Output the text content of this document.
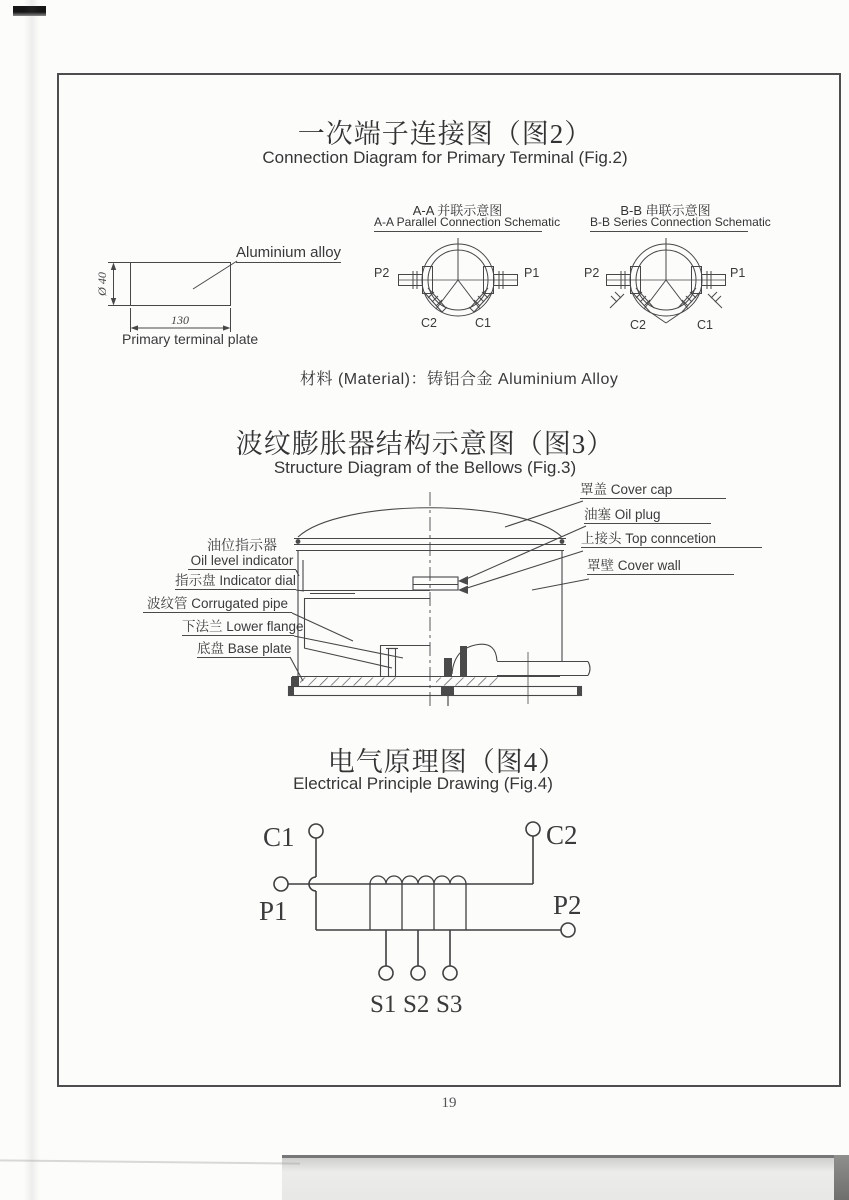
一次端子连接图（图2）
Connection Diagram for Primary Terminal (Fig.2)
Ø 40
130
Aluminium alloy
Primary terminal plate
A-A 并联示意图
A-A Parallel Connection Schematic
P2	P1
C2	C1
B-B 串联示意图
B-B Series Connection Schematic
P2	P1
C2	C1
材料 (Material)：铸铝合金 Aluminium Alloy
波纹膨胀器结构示意图（图3）
Structure Diagram of the Bellows (Fig.3)
油位指示器
Oil level indicator
指示盘 Indicator dial
波纹管 Corrugated pipe
下法兰 Lower flange
底盘 Base plate
罩盖 Cover cap
油塞 Oil plug
上接头 Top conncetion
罩壁 Cover wall
电气原理图（图4）
Electrical Principle Drawing (Fig.4)
C1	C2
P1	P2
S1 S2 S3
19
